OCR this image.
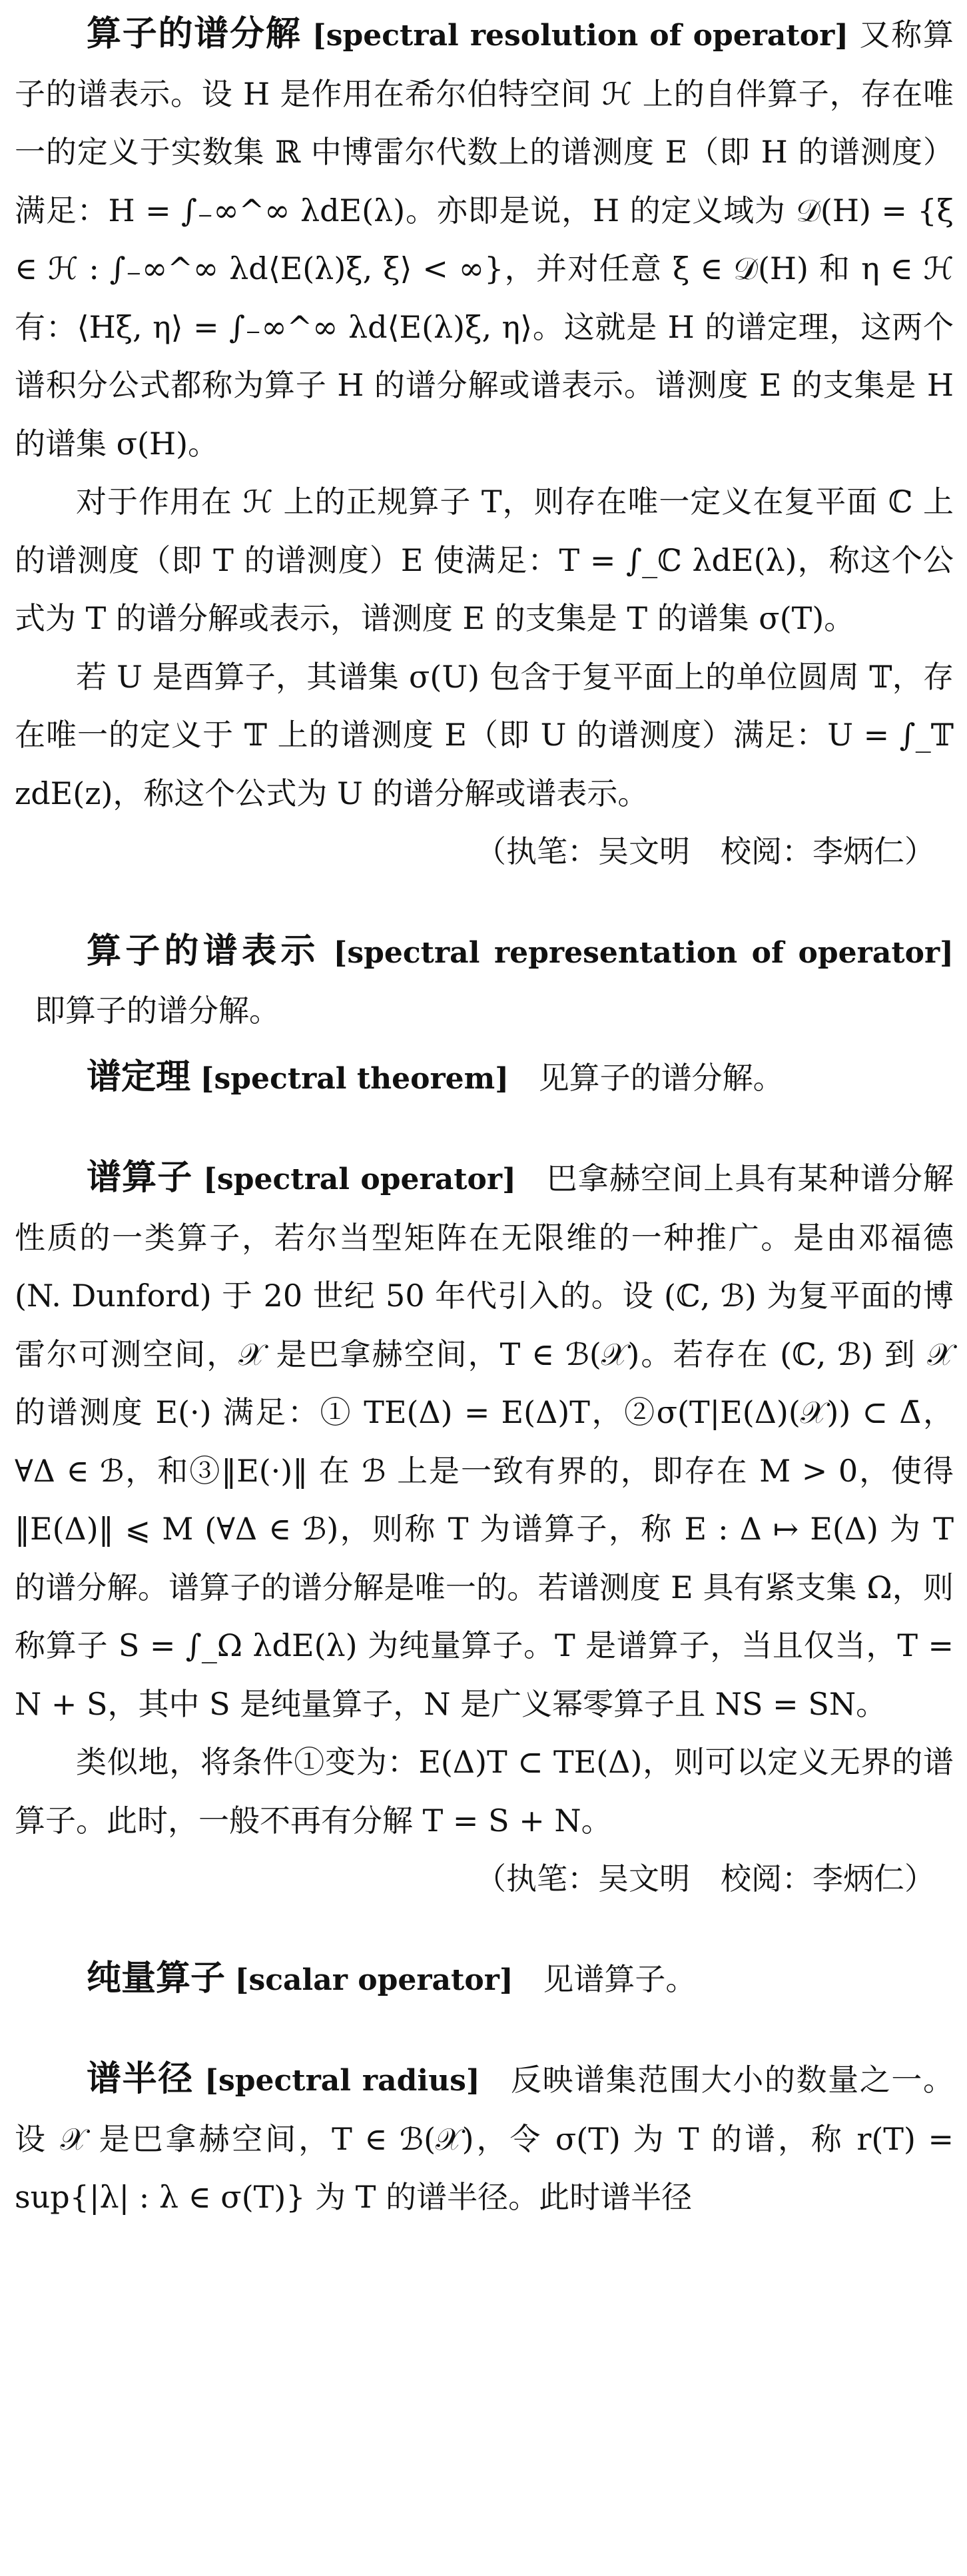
算子的谱分解 [spectral resolution of operator] 又称算子的谱表示。设 H 是作用在希尔伯特空间 ℋ 上的自伴算子，存在唯一的定义于实数集 ℝ 中博雷尔代数上的谱测度 E（即 H 的谱测度）满足：H = ∫₋∞^∞ λdE(λ)。亦即是说，H 的定义域为 𝒟(H) = {ξ ∈ ℋ : ∫₋∞^∞ λd⟨E(λ)ξ, ξ⟩ < ∞}，并对任意 ξ ∈ 𝒟(H) 和 η ∈ ℋ 有：⟨Hξ, η⟩ = ∫₋∞^∞ λd⟨E(λ)ξ, η⟩。这就是 H 的谱定理，这两个谱积分公式都称为算子 H 的谱分解或谱表示。谱测度 E 的支集是 H 的谱集 σ(H)。

对于作用在 ℋ 上的正规算子 T，则存在唯一定义在复平面 ℂ 上的谱测度（即 T 的谱测度）E 使满足：T = ∫_ℂ λdE(λ)，称这个公式为 T 的谱分解或表示，谱测度 E 的支集是 T 的谱集 σ(T)。

若 U 是酉算子，其谱集 σ(U) 包含于复平面上的单位圆周 𝕋，存在唯一的定义于 𝕋 上的谱测度 E（即 U 的谱测度）满足：U = ∫_𝕋 zdE(z)，称这个公式为 U 的谱分解或谱表示。

（执笔：吴文明　校阅：李炳仁）

算子的谱表示 [spectral representation of operator] 即算子的谱分解。

谱定理 [spectral theorem] 见算子的谱分解。

谱算子 [spectral operator] 巴拿赫空间上具有某种谱分解性质的一类算子，若尔当型矩阵在无限维的一种推广。是由邓福德 (N. Dunford) 于 20 世纪 50 年代引入的。设 (ℂ, ℬ) 为复平面的博雷尔可测空间，𝒳 是巴拿赫空间，T ∈ ℬ(𝒳)。若存在 (ℂ, ℬ) 到 𝒳 的谱测度 E(·) 满足：① TE(Δ) = E(Δ)T，②σ(T|E(Δ)(𝒳)) ⊂ Δ̄，∀Δ ∈ ℬ，和③‖E(·)‖ 在 ℬ 上是一致有界的，即存在 M > 0，使得 ‖E(Δ)‖ ⩽ M (∀Δ ∈ ℬ)，则称 T 为谱算子，称 E : Δ ↦ E(Δ) 为 T 的谱分解。谱算子的谱分解是唯一的。若谱测度 E 具有紧支集 Ω，则称算子 S = ∫_Ω λdE(λ) 为纯量算子。T 是谱算子，当且仅当，T = N + S，其中 S 是纯量算子，N 是广义幂零算子且 NS = SN。

类似地，将条件①变为：E(Δ)T ⊂ TE(Δ)，则可以定义无界的谱算子。此时，一般不再有分解 T = S + N。

（执笔：吴文明　校阅：李炳仁）

纯量算子 [scalar operator] 见谱算子。

谱半径 [spectral radius] 反映谱集范围大小的数量之一。设 𝒳 是巴拿赫空间，T ∈ ℬ(𝒳)，令 σ(T) 为 T 的谱，称 r(T) = sup{|λ| : λ ∈ σ(T)} 为 T 的谱半径。此时谱半径
